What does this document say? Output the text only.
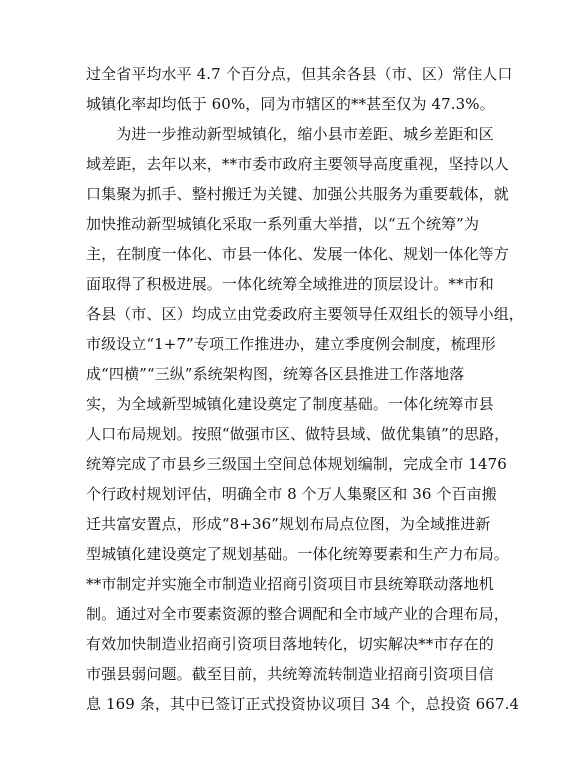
过全省平均水平 4.7 个百分点，但其余各县（市、区）常住人口
城镇化率却均低于 60%，同为市辖区的**甚至仅为 47.3%。
　　为进一步推动新型城镇化，缩小县市差距、城乡差距和区
域差距，去年以来，**市委市政府主要领导高度重视，坚持以人
口集聚为抓手、整村搬迁为关键、加强公共服务为重要载体，就
加快推动新型城镇化采取一系列重大举措，以“五个统筹”为
主，在制度一体化、市县一体化、发展一体化、规划一体化等方
面取得了积极进展。一体化统筹全域推进的顶层设计。**市和
各县（市、区）均成立由党委政府主要领导任双组长的领导小组，
市级设立“1+7”专项工作推进办，建立季度例会制度，梳理形
成“四横”“三纵”系统架构图，统筹各区县推进工作落地落
实，为全域新型城镇化建设奠定了制度基础。一体化统筹市县
人口布局规划。按照“做强市区、做特县域、做优集镇”的思路，
统筹完成了市县乡三级国土空间总体规划编制，完成全市 1476
个行政村规划评估，明确全市 8 个万人集聚区和 36 个百亩搬
迁共富安置点，形成“8+36”规划布局点位图，为全域推进新
型城镇化建设奠定了规划基础。一体化统筹要素和生产力布局。
**市制定并实施全市制造业招商引资项目市县统筹联动落地机
制。通过对全市要素资源的整合调配和全市域产业的合理布局，
有效加快制造业招商引资项目落地转化，切实解决**市存在的
市强县弱问题。截至目前，共统筹流转制造业招商引资项目信
息 169 条，其中已签订正式投资协议项目 34 个，总投资 667.4
